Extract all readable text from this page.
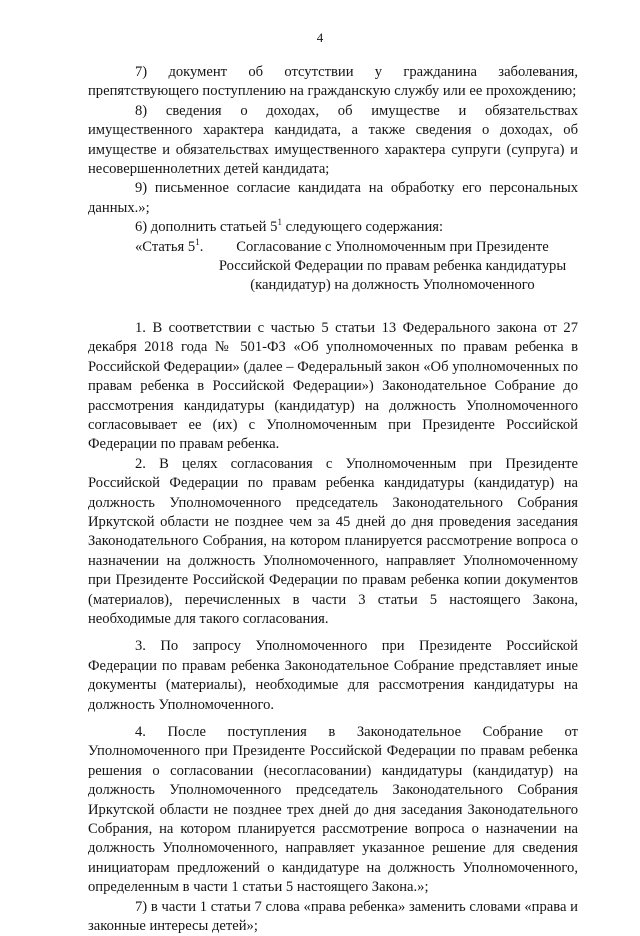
4

7) документ об отсутствии у гражданина заболевания, препятствующего поступлению на гражданскую службу или ее прохождению;

8) сведения о доходах, об имуществе и обязательствах имущественного характера кандидата, а также сведения о доходах, об имуществе и обязательствах имущественного характера супруги (супруга) и несовершеннолетних детей кандидата;

9) письменное согласие кандидата на обработку его персональных данных.»;

6) дополнить статьей $5^1$ следующего содержания:

«Статья $5^1$.	Согласование с Уполномоченным при Президенте Российской Федерации по правам ребенка кандидатуры (кандидатур) на должность Уполномоченного

1. В соответствии с частью 5 статьи 13 Федерального закона от 27 декабря 2018 года № 501-ФЗ «Об уполномоченных по правам ребенка в Российской Федерации» (далее – Федеральный закон «Об уполномоченных по правам ребенка в Российской Федерации») Законодательное Собрание до рассмотрения кандидатуры (кандидатур) на должность Уполномоченного согласовывает ее (их) с Уполномоченным при Президенте Российской Федерации по правам ребенка.

2. В целях согласования с Уполномоченным при Президенте Российской Федерации по правам ребенка кандидатуры (кандидатур) на должность Уполномоченного председатель Законодательного Собрания Иркутской области не позднее чем за 45 дней до дня проведения заседания Законодательного Собрания, на котором планируется рассмотрение вопроса о назначении на должность Уполномоченного, направляет Уполномоченному при Президенте Российской Федерации по правам ребенка копии документов (материалов), перечисленных в части 3 статьи 5 настоящего Закона, необходимые для такого согласования.

3. По запросу Уполномоченного при Президенте Российской Федерации по правам ребенка Законодательное Собрание представляет иные документы (материалы), необходимые для рассмотрения кандидатуры на должность Уполномоченного.

4. После поступления в Законодательное Собрание от Уполномоченного при Президенте Российской Федерации по правам ребенка решения о согласовании (несогласовании) кандидатуры (кандидатур) на должность Уполномоченного председатель Законодательного Собрания Иркутской области не позднее трех дней до дня заседания Законодательного Собрания, на котором планируется рассмотрение вопроса о назначении на должность Уполномоченного, направляет указанное решение для сведения инициаторам предложений о кандидатуре на должность Уполномоченного, определенным в части 1 статьи 5 настоящего Закона.»;

7) в части 1 статьи 7 слова «права ребенка» заменить словами «права и законные интересы детей»;
